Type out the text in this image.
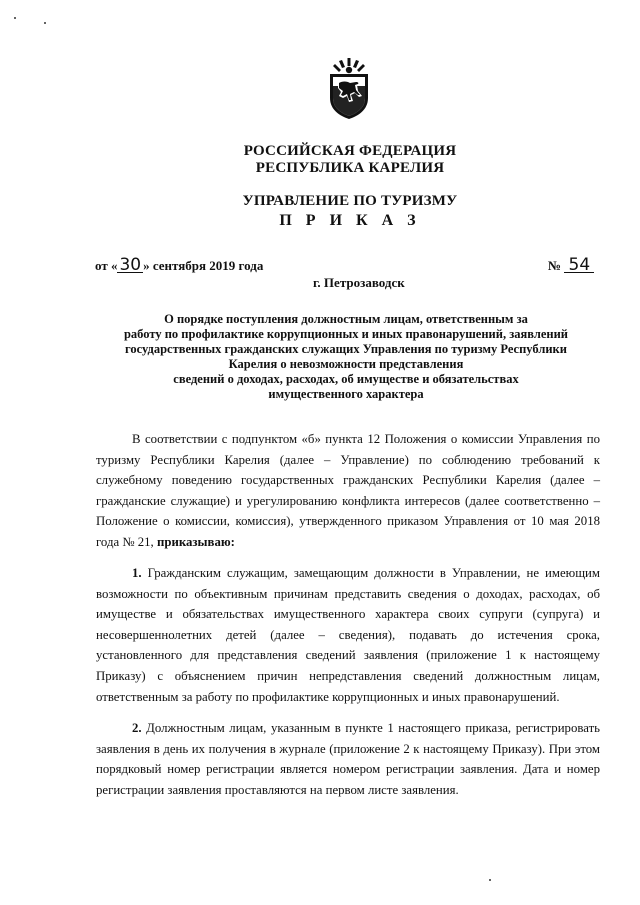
РОССИЙСКАЯ ФЕДЕРАЦИЯ
РЕСПУБЛИКА КАРЕЛИЯ
УПРАВЛЕНИЕ ПО ТУРИЗМУ
П Р И К А З
от « 30 » сентября 2019 года	№ 54
г. Петрозаводск
О порядке поступления должностным лицам, ответственным за
работу по профилактике коррупционных и иных правонарушений, заявлений
государственных гражданских служащих Управления по туризму Республики
Карелия о невозможности представления
сведений о доходах, расходах, об имуществе и обязательствах
имущественного характера

В соответствии с подпунктом «б» пункта 12 Положения о комиссии Управления по туризму Республики Карелия (далее – Управление) по соблюдению требований к служебному поведению государственных гражданских Республики Карелия (далее – гражданские служащие) и урегулированию конфликта интересов (далее соответственно – Положение о комиссии, комиссия), утвержденного приказом Управления от 10 мая 2018 года № 21, приказываю:

1. Гражданским служащим, замещающим должности в Управлении, не имеющим возможности по объективным причинам представить сведения о доходах, расходах, об имуществе и обязательствах имущественного характера своих супруги (супруга) и несовершеннолетних детей (далее – сведения), подавать до истечения срока, установленного для представления сведений заявления (приложение 1 к настоящему Приказу) с объяснением причин непредставления сведений должностным лицам, ответственным за работу по профилактике коррупционных и иных правонарушений.

2. Должностным лицам, указанным в пункте 1 настоящего приказа, регистрировать заявления в день их получения в журнале (приложение 2 к настоящему Приказу). При этом порядковый номер регистрации является номером регистрации заявления. Дата и номер регистрации заявления проставляются на первом листе заявления.
